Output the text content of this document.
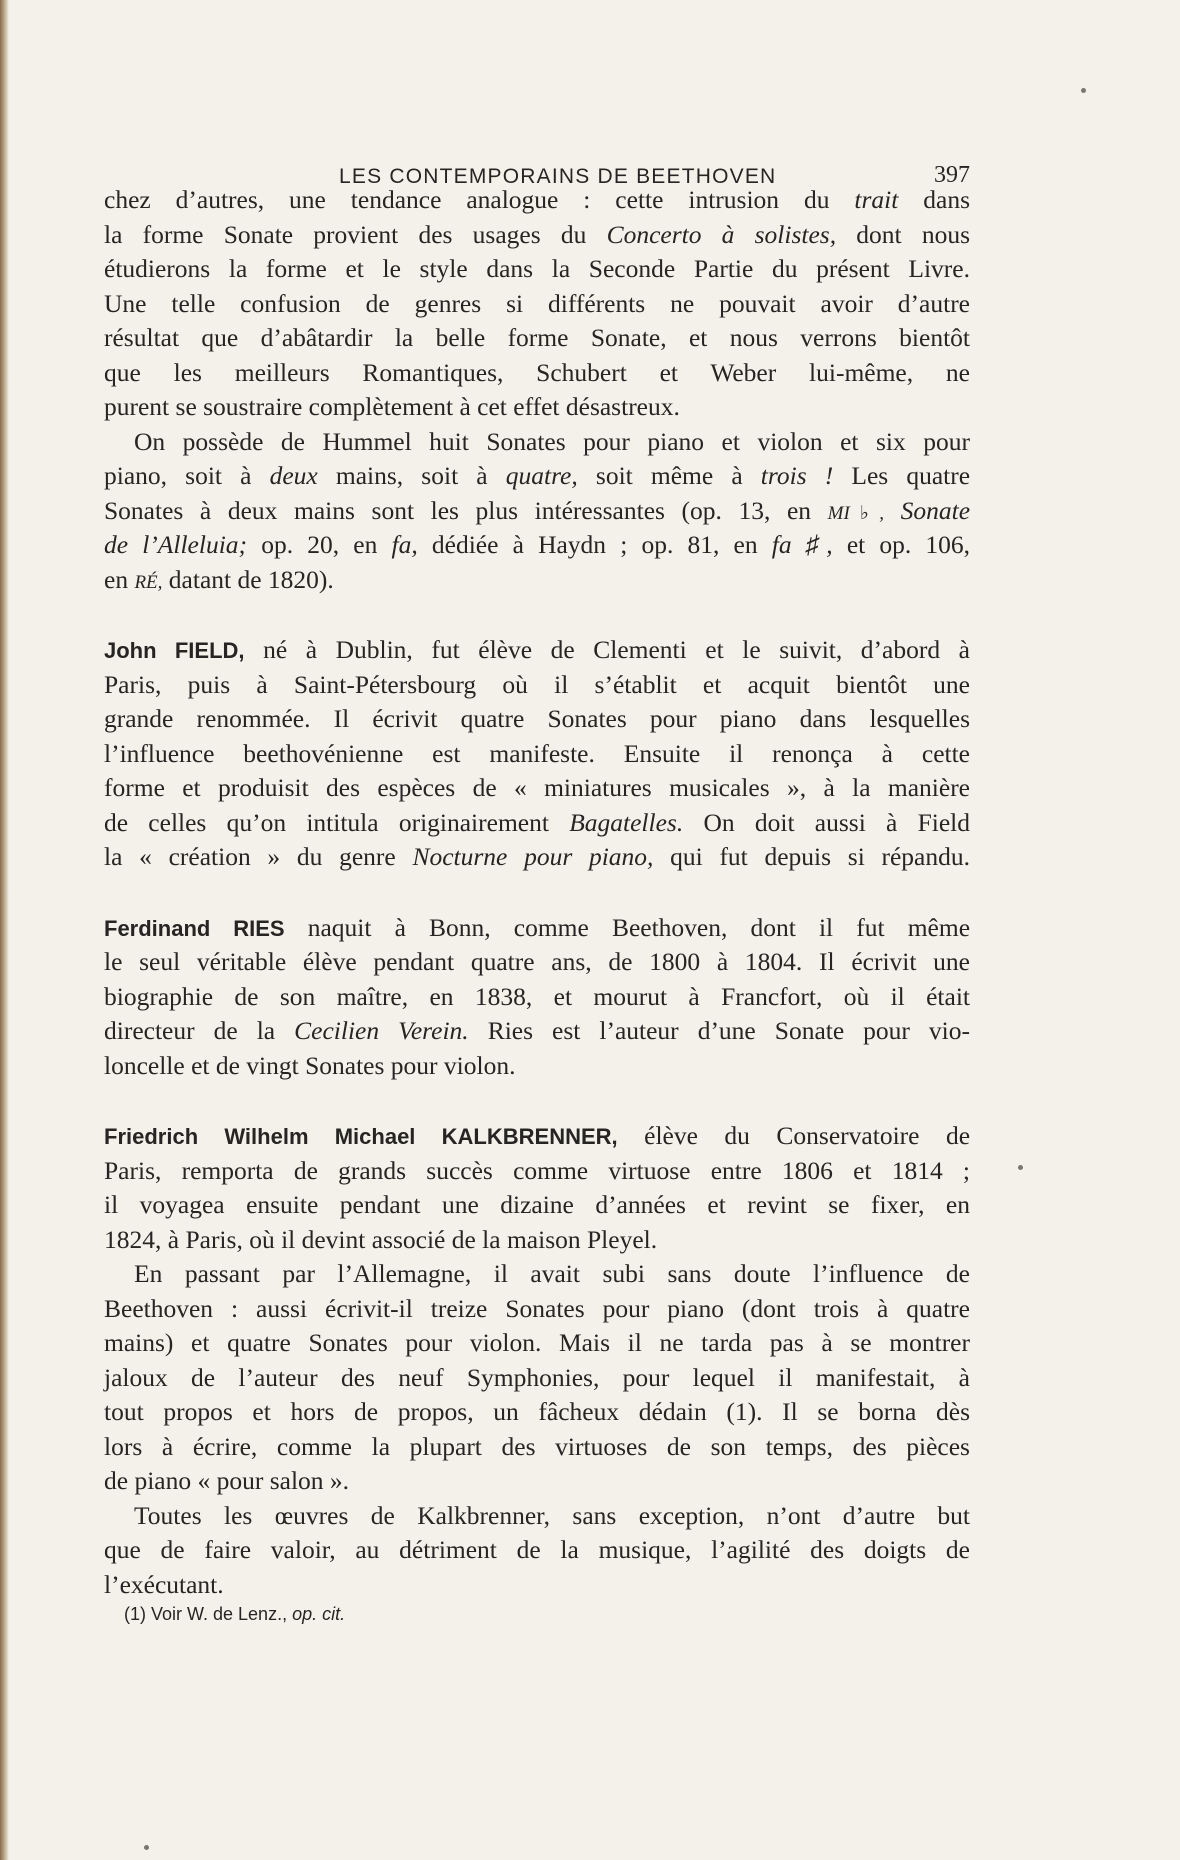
LES CONTEMPORAINS DE BEETHOVEN	397
chez d’autres, une tendance analogue : cette intrusion du trait dans
la forme Sonate provient des usages du Concerto à solistes, dont nous
étudierons la forme et le style dans la Seconde Partie du présent Livre.
Une telle confusion de genres si différents ne pouvait avoir d’autre
résultat que d’abâtardir la belle forme Sonate, et nous verrons bientôt
que les meilleurs Romantiques, Schubert et Weber lui-même, ne
purent se soustraire complètement à cet effet désastreux.
On possède de Hummel huit Sonates pour piano et violon et six pour
piano, soit à deux mains, soit à quatre, soit même à trois ! Les quatre
Sonates à deux mains sont les plus intéressantes (op. 13, en MI♭, Sonate
de l’Alleluia; op. 20, en fa, dédiée à Haydn ; op. 81, en fa ♯, et op. 106,
en RÉ, datant de 1820).
John FIELD, né à Dublin, fut élève de Clementi et le suivit, d’abord à
Paris, puis à Saint-Pétersbourg où il s’établit et acquit bientôt une
grande renommée. Il écrivit quatre Sonates pour piano dans lesquelles
l’influence beethovénienne est manifeste. Ensuite il renonça à cette
forme et produisit des espèces de « miniatures musicales », à la manière
de celles qu’on intitula originairement Bagatelles. On doit aussi à Field
la « création » du genre Nocturne pour piano, qui fut depuis si répandu.
Ferdinand RIES naquit à Bonn, comme Beethoven, dont il fut même
le seul véritable élève pendant quatre ans, de 1800 à 1804. Il écrivit une
biographie de son maître, en 1838, et mourut à Francfort, où il était
directeur de la Cecilien Verein. Ries est l’auteur d’une Sonate pour vio-
loncelle et de vingt Sonates pour violon.
Friedrich Wilhelm Michael KALKBRENNER, élève du Conservatoire de
Paris, remporta de grands succès comme virtuose entre 1806 et 1814 ;
il voyagea ensuite pendant une dizaine d’années et revint se fixer, en
1824, à Paris, où il devint associé de la maison Pleyel.
En passant par l’Allemagne, il avait subi sans doute l’influence de
Beethoven : aussi écrivit-il treize Sonates pour piano (dont trois à quatre
mains) et quatre Sonates pour violon. Mais il ne tarda pas à se montrer
jaloux de l’auteur des neuf Symphonies, pour lequel il manifestait, à
tout propos et hors de propos, un fâcheux dédain (1). Il se borna dès
lors à écrire, comme la plupart des virtuoses de son temps, des pièces
de piano « pour salon ».
Toutes les œuvres de Kalkbrenner, sans exception, n’ont d’autre but
que de faire valoir, au détriment de la musique, l’agilité des doigts de
l’exécutant.
(1) Voir W. de Lenz., op. cit.
